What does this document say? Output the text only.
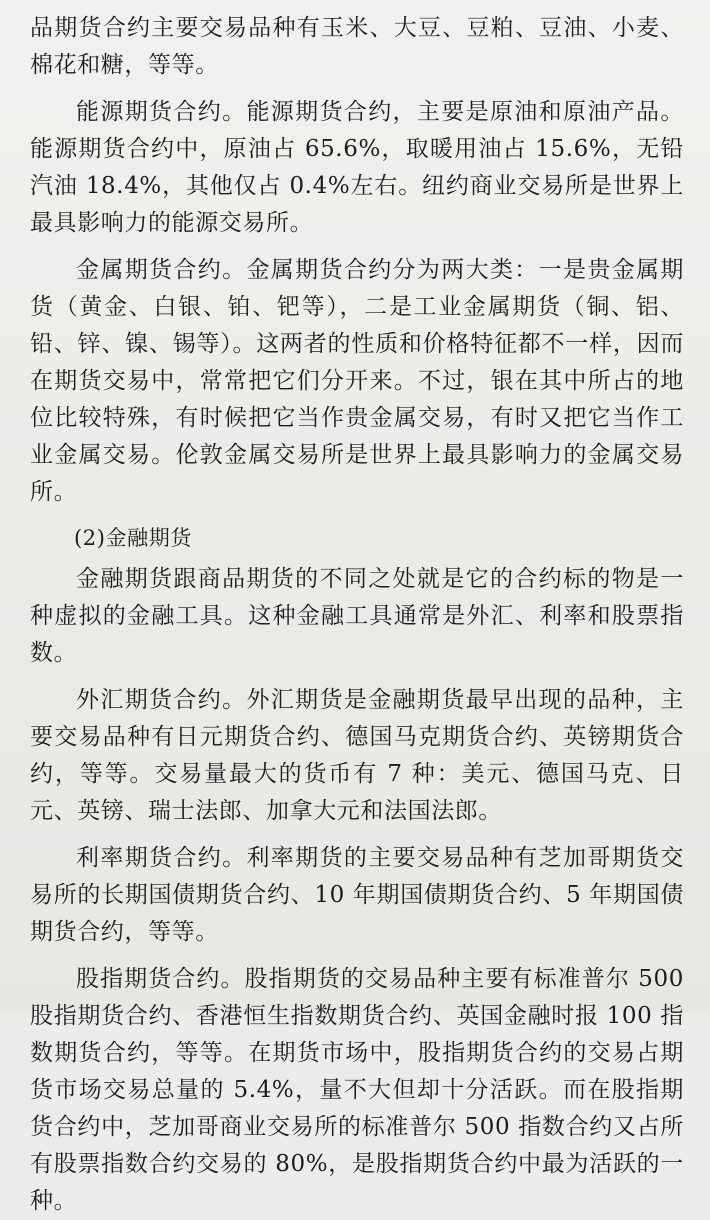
品期货合约主要交易品种有玉米、大豆、豆粕、豆油、小麦、棉花和糖，等等。

能源期货合约。能源期货合约，主要是原油和原油产品。能源期货合约中，原油占 65.6%，取暖用油占 15.6%，无铅汽油 18.4%，其他仅占 0.4%左右。纽约商业交易所是世界上最具影响力的能源交易所。

金属期货合约。金属期货合约分为两大类：一是贵金属期货（黄金、白银、铂、钯等），二是工业金属期货（铜、铝、铅、锌、镍、锡等）。这两者的性质和价格特征都不一样，因而在期货交易中，常常把它们分开来。不过，银在其中所占的地位比较特殊，有时候把它当作贵金属交易，有时又把它当作工业金属交易。伦敦金属交易所是世界上最具影响力的金属交易所。

(2)金融期货

金融期货跟商品期货的不同之处就是它的合约标的物是一种虚拟的金融工具。这种金融工具通常是外汇、利率和股票指数。

外汇期货合约。外汇期货是金融期货最早出现的品种，主要交易品种有日元期货合约、德国马克期货合约、英镑期货合约，等等。交易量最大的货币有 7 种：美元、德国马克、日元、英镑、瑞士法郎、加拿大元和法国法郎。

利率期货合约。利率期货的主要交易品种有芝加哥期货交易所的长期国债期货合约、10 年期国债期货合约、5 年期国债期货合约，等等。

股指期货合约。股指期货的交易品种主要有标准普尔 500 股指期货合约、香港恒生指数期货合约、英国金融时报 100 指数期货合约，等等。在期货市场中，股指期货合约的交易占期货市场交易总量的 5.4%，量不大但却十分活跃。而在股指期货合约中，芝加哥商业交易所的标准普尔 500 指数合约又占所有股票指数合约交易的 80%，是股指期货合约中最为活跃的一种。
